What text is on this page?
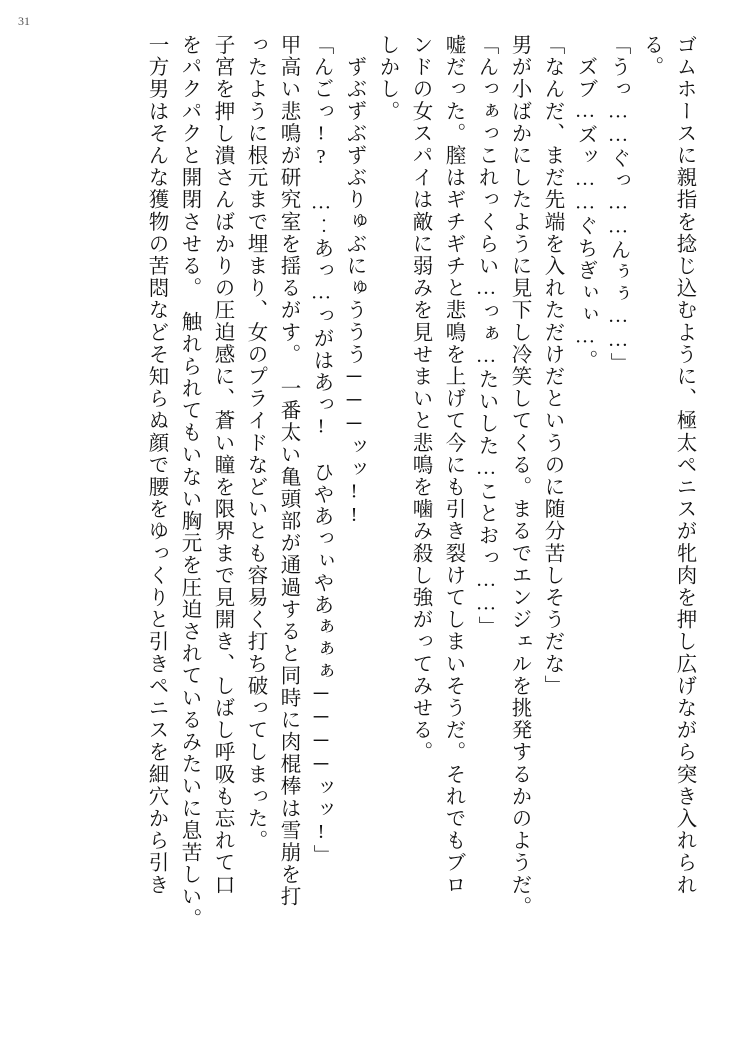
31
ゴムホースに親指を捻じ込むように、極太ペニスが牝肉を押し広げながら突き入れられ
る。
「うっ……ぐっ……んぅぅ……」
ズブ…ズッ……ぐちぎぃぃ…。
「なんだ、まだ先端を入れただけだというのに随分苦しそうだな」
男が小ばかにしたように見下し冷笑してくる。まるでエンジェルを挑発するかのようだ。
「んっぁっこれっくらい…っぁ…たいした…ことおっ……」
嘘だった。膣はギチギチと悲鳴を上げて今にも引き裂けてしまいそうだ。それでもブロ
ンドの女スパイは敵に弱みを見せまいと悲鳴を噛み殺し強がってみせる。
しかし。
ずぶずぶずぶりゅぶにゅううう───ッッ!!
「んごっ!?　…‥あっ…っがはあっ!　ひやあっぃやあぁぁぁ────ッッ!」
甲高い悲鳴が研究室を揺るがす。　一番太い亀頭部が通過すると同時に肉棍棒は雪崩を打
ったように根元まで埋まり、女のプライドなどいとも容易く打ち破ってしまった。
子宮を押し潰さんばかりの圧迫感に、蒼い瞳を限界まで見開き、しばし呼吸も忘れて口
をパクパクと開閉させる。　触れられてもいない胸元を圧迫されているみたいに息苦しい。
一方男はそんな獲物の苦悶などそ知らぬ顔で腰をゆっくりと引きペニスを細穴から引き
